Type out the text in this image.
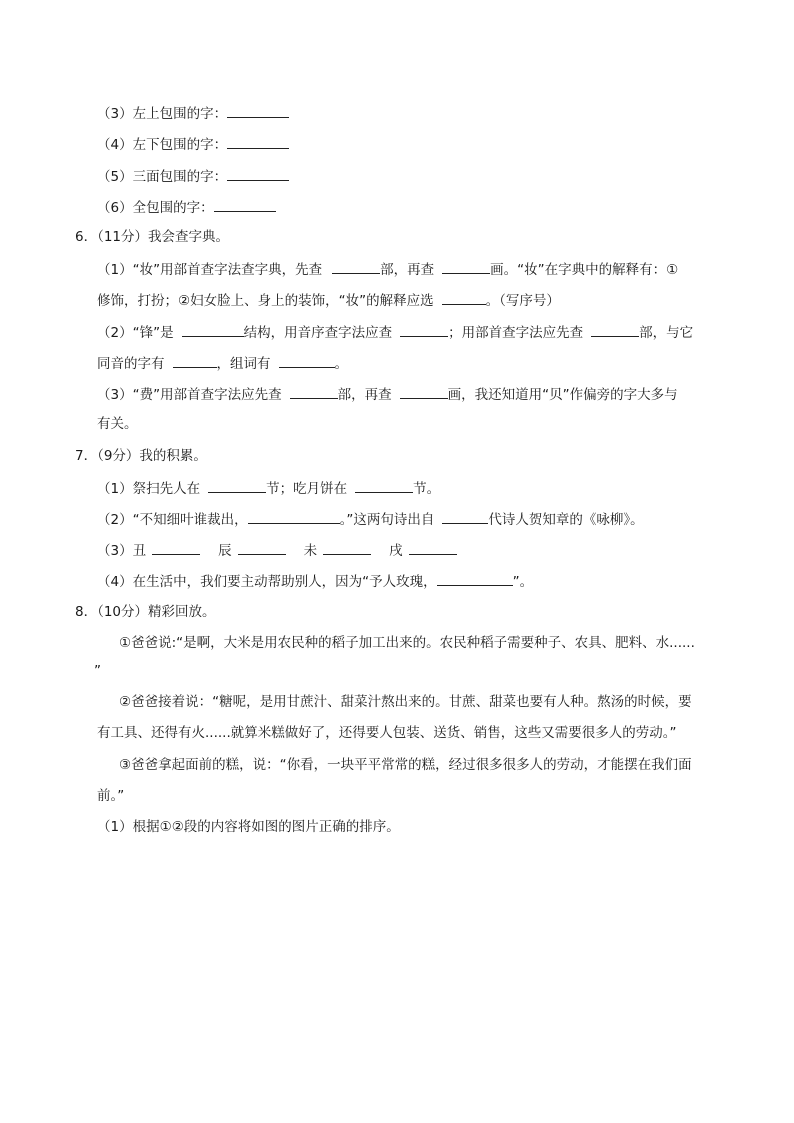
（3）左上包围的字：
（4）左下包围的字：
（5）三面包围的字：
（6）全包围的字：
6．（11分）我会查字典。
（1）“妆”用部首查字法查字典，先查	部，再查	画。“妆”在字典中的解释有：①
修饰，打扮；②妇女脸上、身上的装饰，“妆”的解释应选	。（写序号）
（2）“锋”是	结构，用音序查字法应查	；用部首查字法应先查	部，与它
同音的字有	，组词有	。
（3）“费”用部首查字法应先查	部，再查	画，我还知道用“贝”作偏旁的字大多与
有关。
7．（9分）我的积累。
（1）祭扫先人在	节；吃月饼在	节。
（2）“不知细叶谁裁出，	。”这两句诗出自	代诗人贺知章的《咏柳》。
（3）丑	辰	未	戌
（4）在生活中，我们要主动帮助别人，因为“予人玫瑰，	”。
8．（10分）精彩回放。
①爸爸说:“是啊，大米是用农民种的稻子加工出来的。农民种稻子需要种子、农具、肥料、水......
”
②爸爸接着说：“糖呢，是用甘蔗汁、甜菜汁熬出来的。甘蔗、甜菜也要有人种。熬汤的时候，要
有工具、还得有火......就算米糕做好了，还得要人包装、送货、销售，这些又需要很多人的劳动。”
③爸爸拿起面前的糕，说：“你看，一块平平常常的糕，经过很多很多人的劳动，才能摆在我们面
前。”
（1）根据①②段的内容将如图的图片正确的排序。
